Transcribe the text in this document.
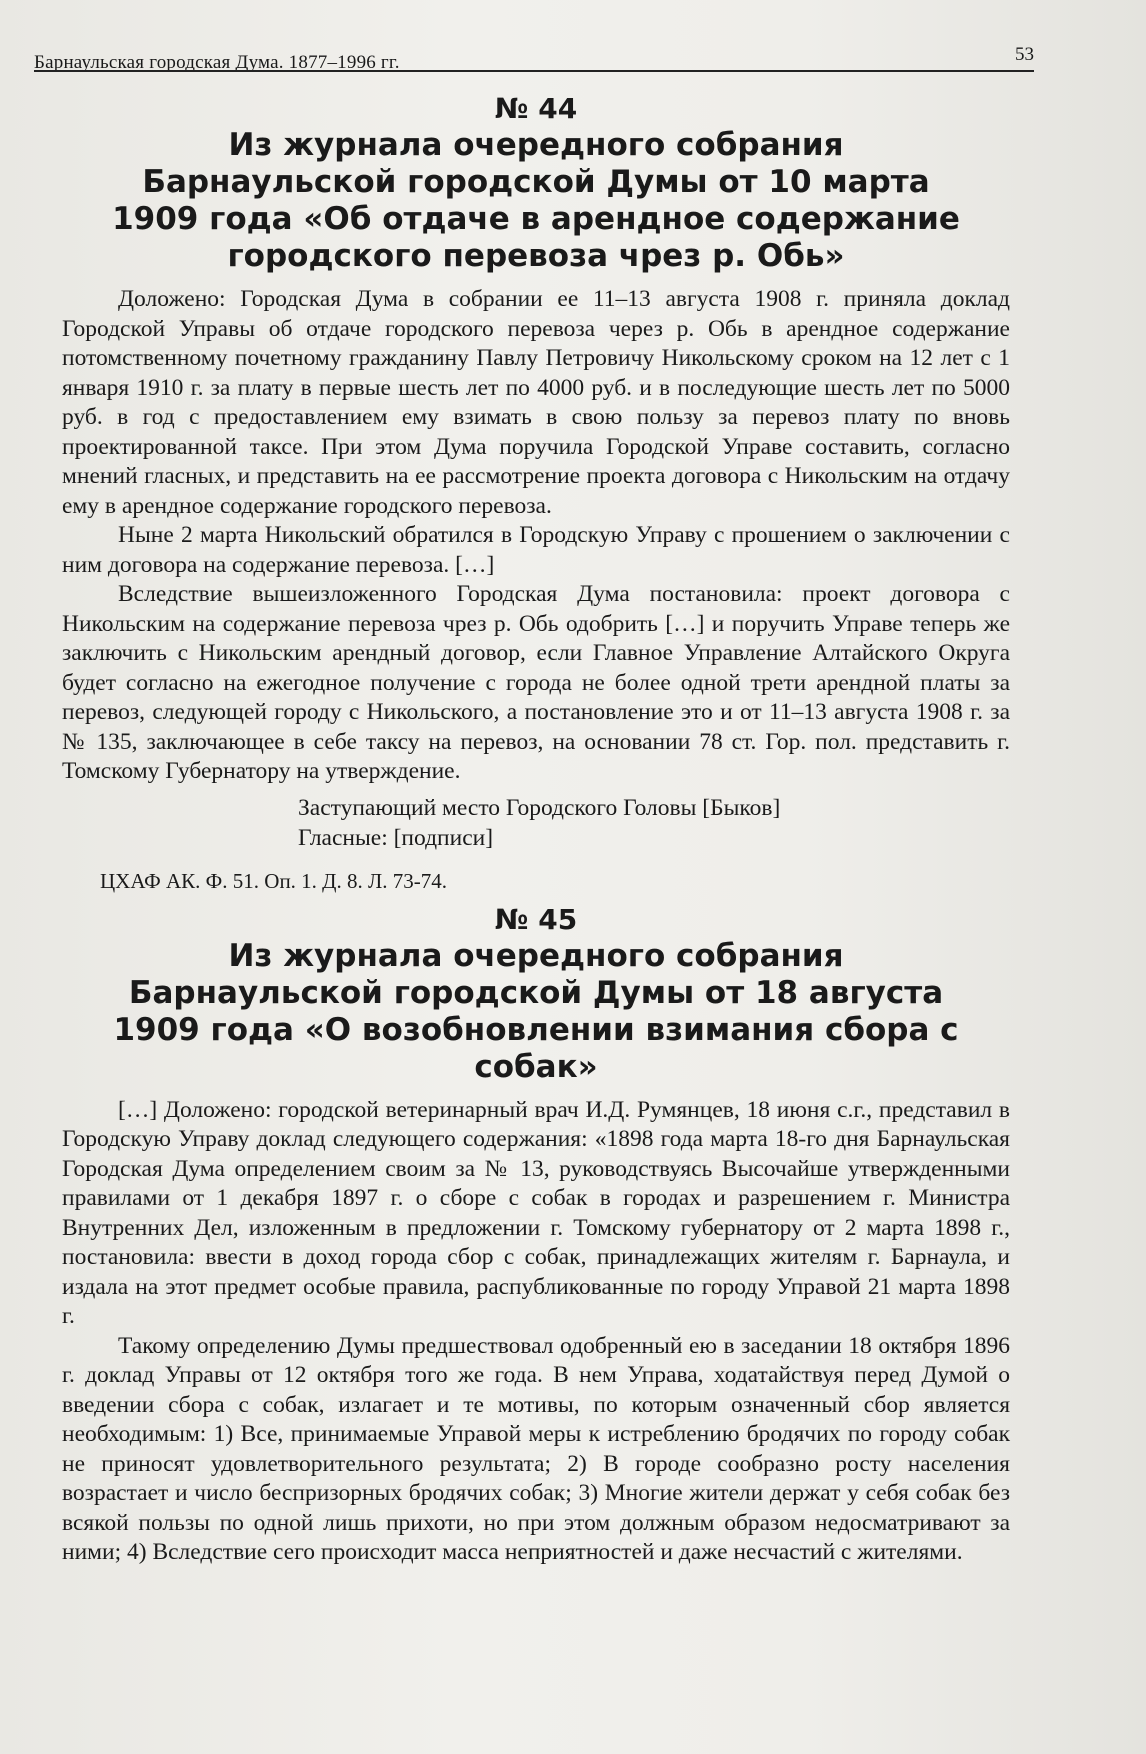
Барнаульская городская Дума. 1877–1996 гг.	53
№ 44
Из журнала очередного собрания Барнаульской городской Думы от 10 марта 1909 года «Об отдаче в арендное содержание городского перевоза чрез р. Обь»

Доложено: Городская Дума в собрании ее 11–13 августа 1908 г. приняла доклад Городской Управы об отдаче городского перевоза через р. Обь в арендное содержание потомственному почетному гражданину Павлу Петровичу Никольскому сроком на 12 лет с 1 января 1910 г. за плату в первые шесть лет по 4000 руб. и в последующие шесть лет по 5000 руб. в год с предоставлением ему взимать в свою пользу за перевоз плату по вновь проектированной таксе. При этом Дума поручила Городской Управе составить, согласно мнений гласных, и представить на ее рассмотрение проекта договора с Никольским на отдачу ему в арендное содержание городского перевоза.

Ныне 2 марта Никольский обратился в Городскую Управу с прошением о заключении с ним договора на содержание перевоза. […]

Вследствие вышеизложенного Городская Дума постановила: проект договора с Никольским на содержание перевоза чрез р. Обь одобрить […] и поручить Управе теперь же заключить с Никольским арендный договор, если Главное Управление Алтайского Округа будет согласно на ежегодное получение с города не более одной трети арендной платы за перевоз, следующей городу с Никольского, а постановление это и от 11–13 августа 1908 г. за № 135, заключающее в себе таксу на перевоз, на основании 78 ст. Гор. пол. представить г. Томскому Губернатору на утверждение.

Заступающий место Городского Головы [Быков]
Гласные: [подписи]
ЦХАФ АК. Ф. 51. Оп. 1. Д. 8. Л. 73-74.
№ 45
Из журнала очередного собрания Барнаульской городской Думы от 18 августа 1909 года «О возобновлении взимания сбора с собак»

[…] Доложено: городской ветеринарный врач И.Д. Румянцев, 18 июня с.г., представил в Городскую Управу доклад следующего содержания: «1898 года марта 18-го дня Барнаульская Городская Дума определением своим за № 13, руководствуясь Высочайше утвержденными правилами от 1 декабря 1897 г. о сборе с собак в городах и разрешением г. Министра Внутренних Дел, изложенным в предложении г. Томскому губернатору от 2 марта 1898 г., постановила: ввести в доход города сбор с собак, принадлежащих жителям г. Барнаула, и издала на этот предмет особые правила, распубликованные по городу Управой 21 марта 1898 г.

Такому определению Думы предшествовал одобренный ею в заседании 18 октября 1896 г. доклад Управы от 12 октября того же года. В нем Управа, ходатайствуя перед Думой о введении сбора с собак, излагает и те мотивы, по которым означенный сбор является необходимым: 1) Все, принимаемые Управой меры к истреблению бродячих по городу собак не приносят удовлетворительного результата; 2) В городе сообразно росту населения возрастает и число беспризорных бродячих собак; 3) Многие жители держат у себя собак без всякой пользы по одной лишь прихоти, но при этом должным образом недосматривают за ними; 4) Вследствие сего происходит масса неприятностей и даже несчастий с жителями.
